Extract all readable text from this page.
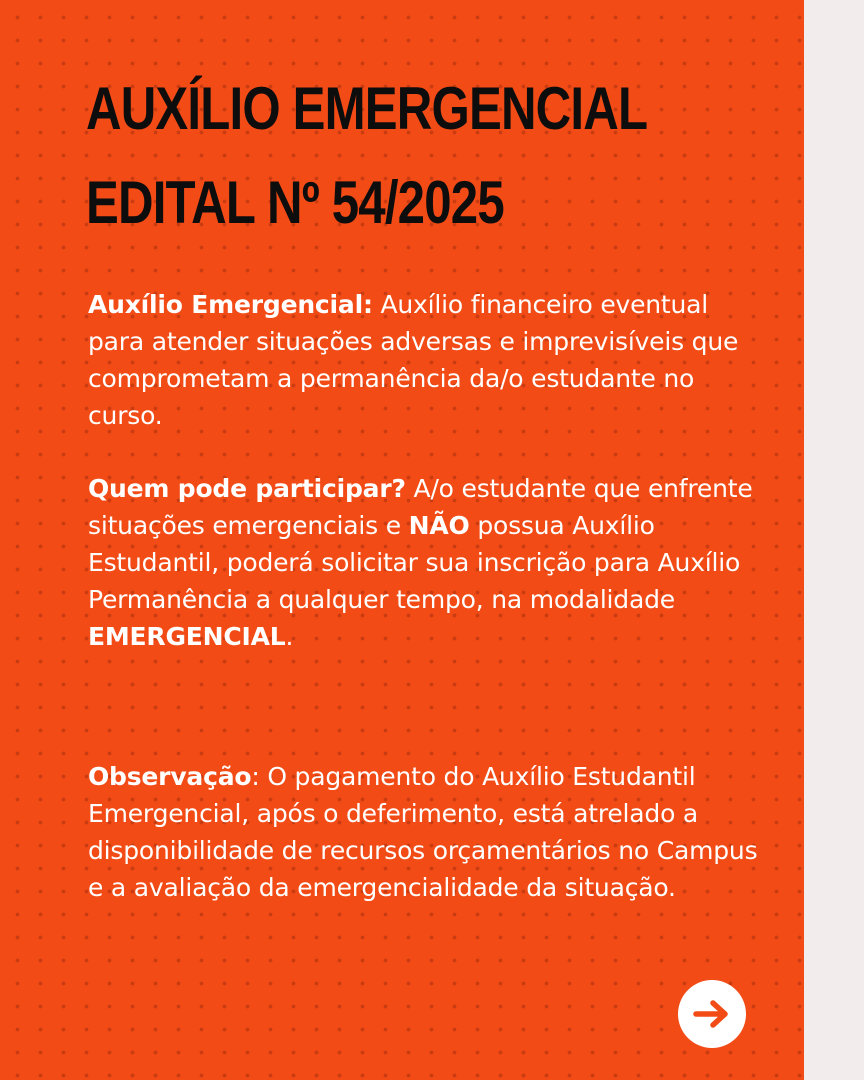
AUXÍLIO EMERGENCIAL
EDITAL Nº 54/2025

Auxílio Emergencial: Auxílio financeiro eventual para atender situações adversas e imprevisíveis que comprometam a permanência da/o estudante no curso.

Quem pode participar? A/o estudante que enfrente situações emergenciais e NÃO possua Auxílio Estudantil, poderá solicitar sua inscrição para Auxílio Permanência a qualquer tempo, na modalidade EMERGENCIAL.

Observação: O pagamento do Auxílio Estudantil Emergencial, após o deferimento, está atrelado a disponibilidade de recursos orçamentários no Campus e a avaliação da emergencialidade da situação.
